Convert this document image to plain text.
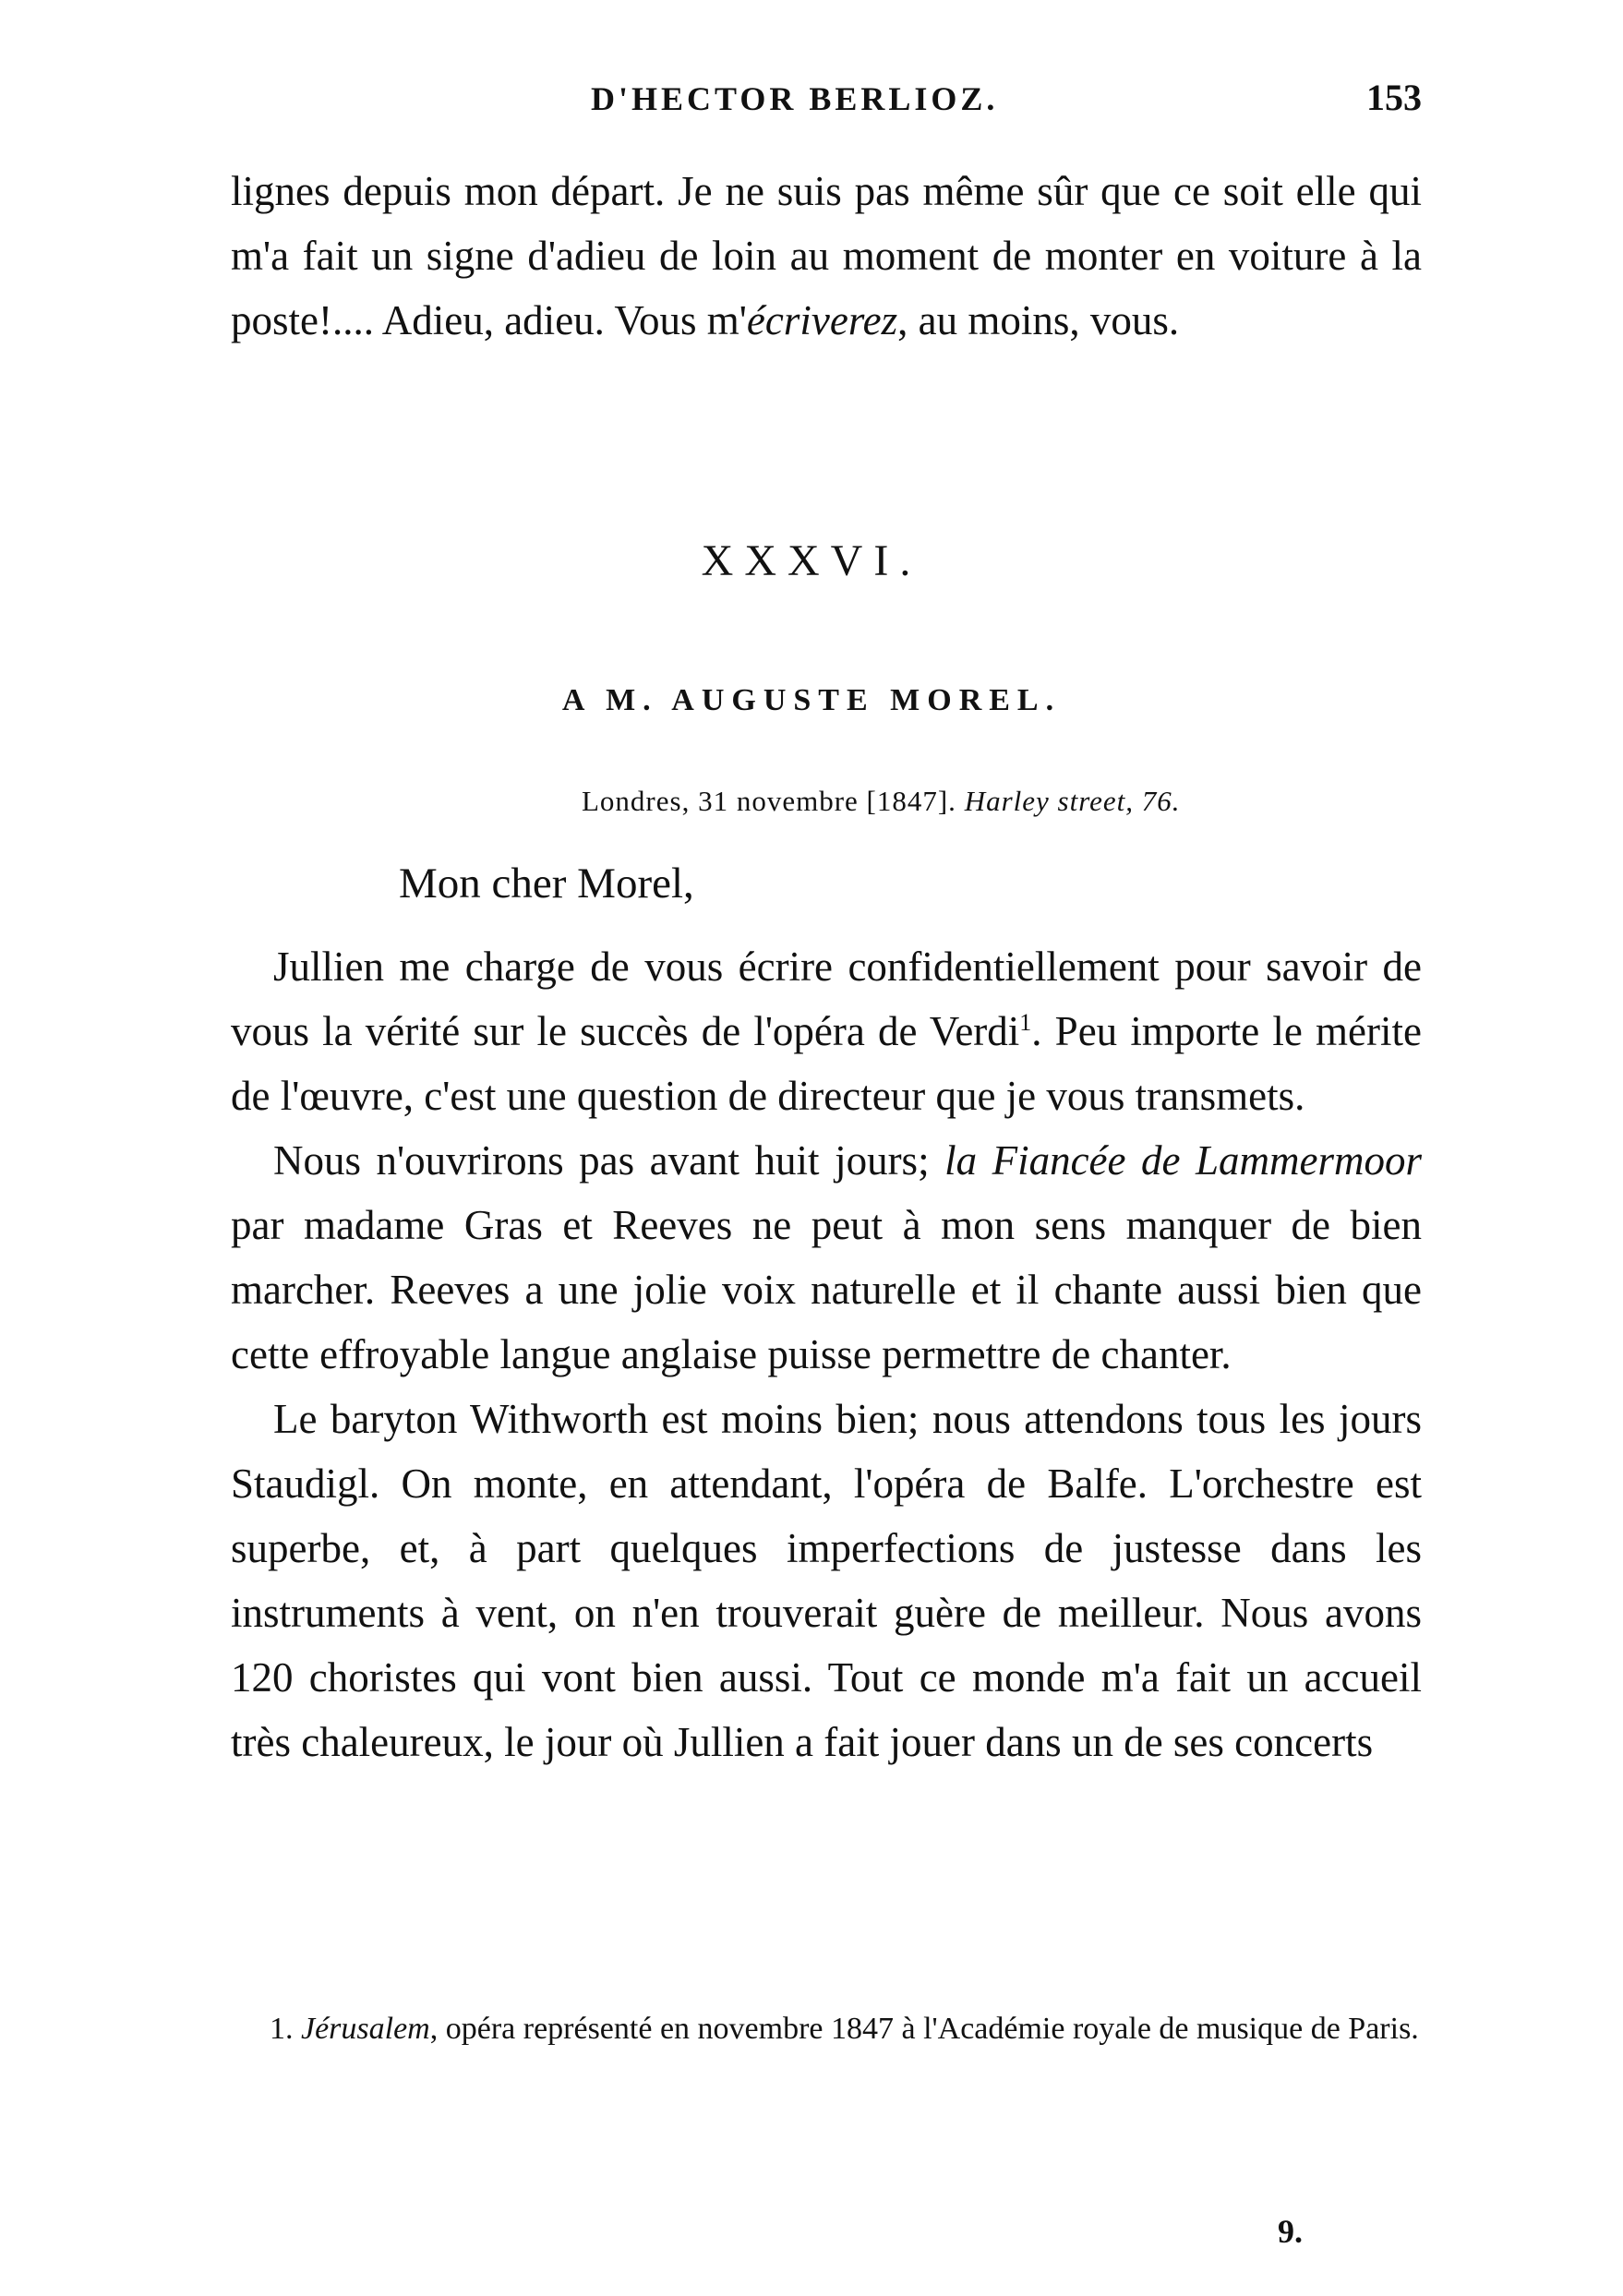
D'HECTOR BERLIOZ.	153

lignes depuis mon départ. Je ne suis pas même sûr que ce soit elle qui m'a fait un signe d'adieu de loin au moment de monter en voiture à la poste!.... Adieu, adieu. Vous m'écriverez, au moins, vous.

XXXVI.
A M. AUGUSTE MOREL.
Londres, 31 novembre [1847]. Harley street, 76.
Mon cher Morel,

Jullien me charge de vous écrire confidentiellement pour savoir de vous la vérité sur le succès de l'opéra de Verdi$^1$. Peu importe le mérite de l'œuvre, c'est une question de directeur que je vous transmets.

Nous n'ouvrirons pas avant huit jours; la Fiancée de Lammermoor par madame Gras et Reeves ne peut à mon sens manquer de bien marcher. Reeves a une jolie voix naturelle et il chante aussi bien que cette effroyable langue anglaise puisse permettre de chanter.

Le baryton Withworth est moins bien; nous attendons tous les jours Staudigl. On monte, en attendant, l'opéra de Balfe. L'orchestre est superbe, et, à part quelques imperfections de justesse dans les instruments à vent, on n'en trouverait guère de meilleur. Nous avons 120 choristes qui vont bien aussi. Tout ce monde m'a fait un accueil très chaleureux, le jour où Jullien a fait jouer dans un de ses concerts

1. Jérusalem, opéra représenté en novembre 1847 à l'Académie royale de musique de Paris.

9.
